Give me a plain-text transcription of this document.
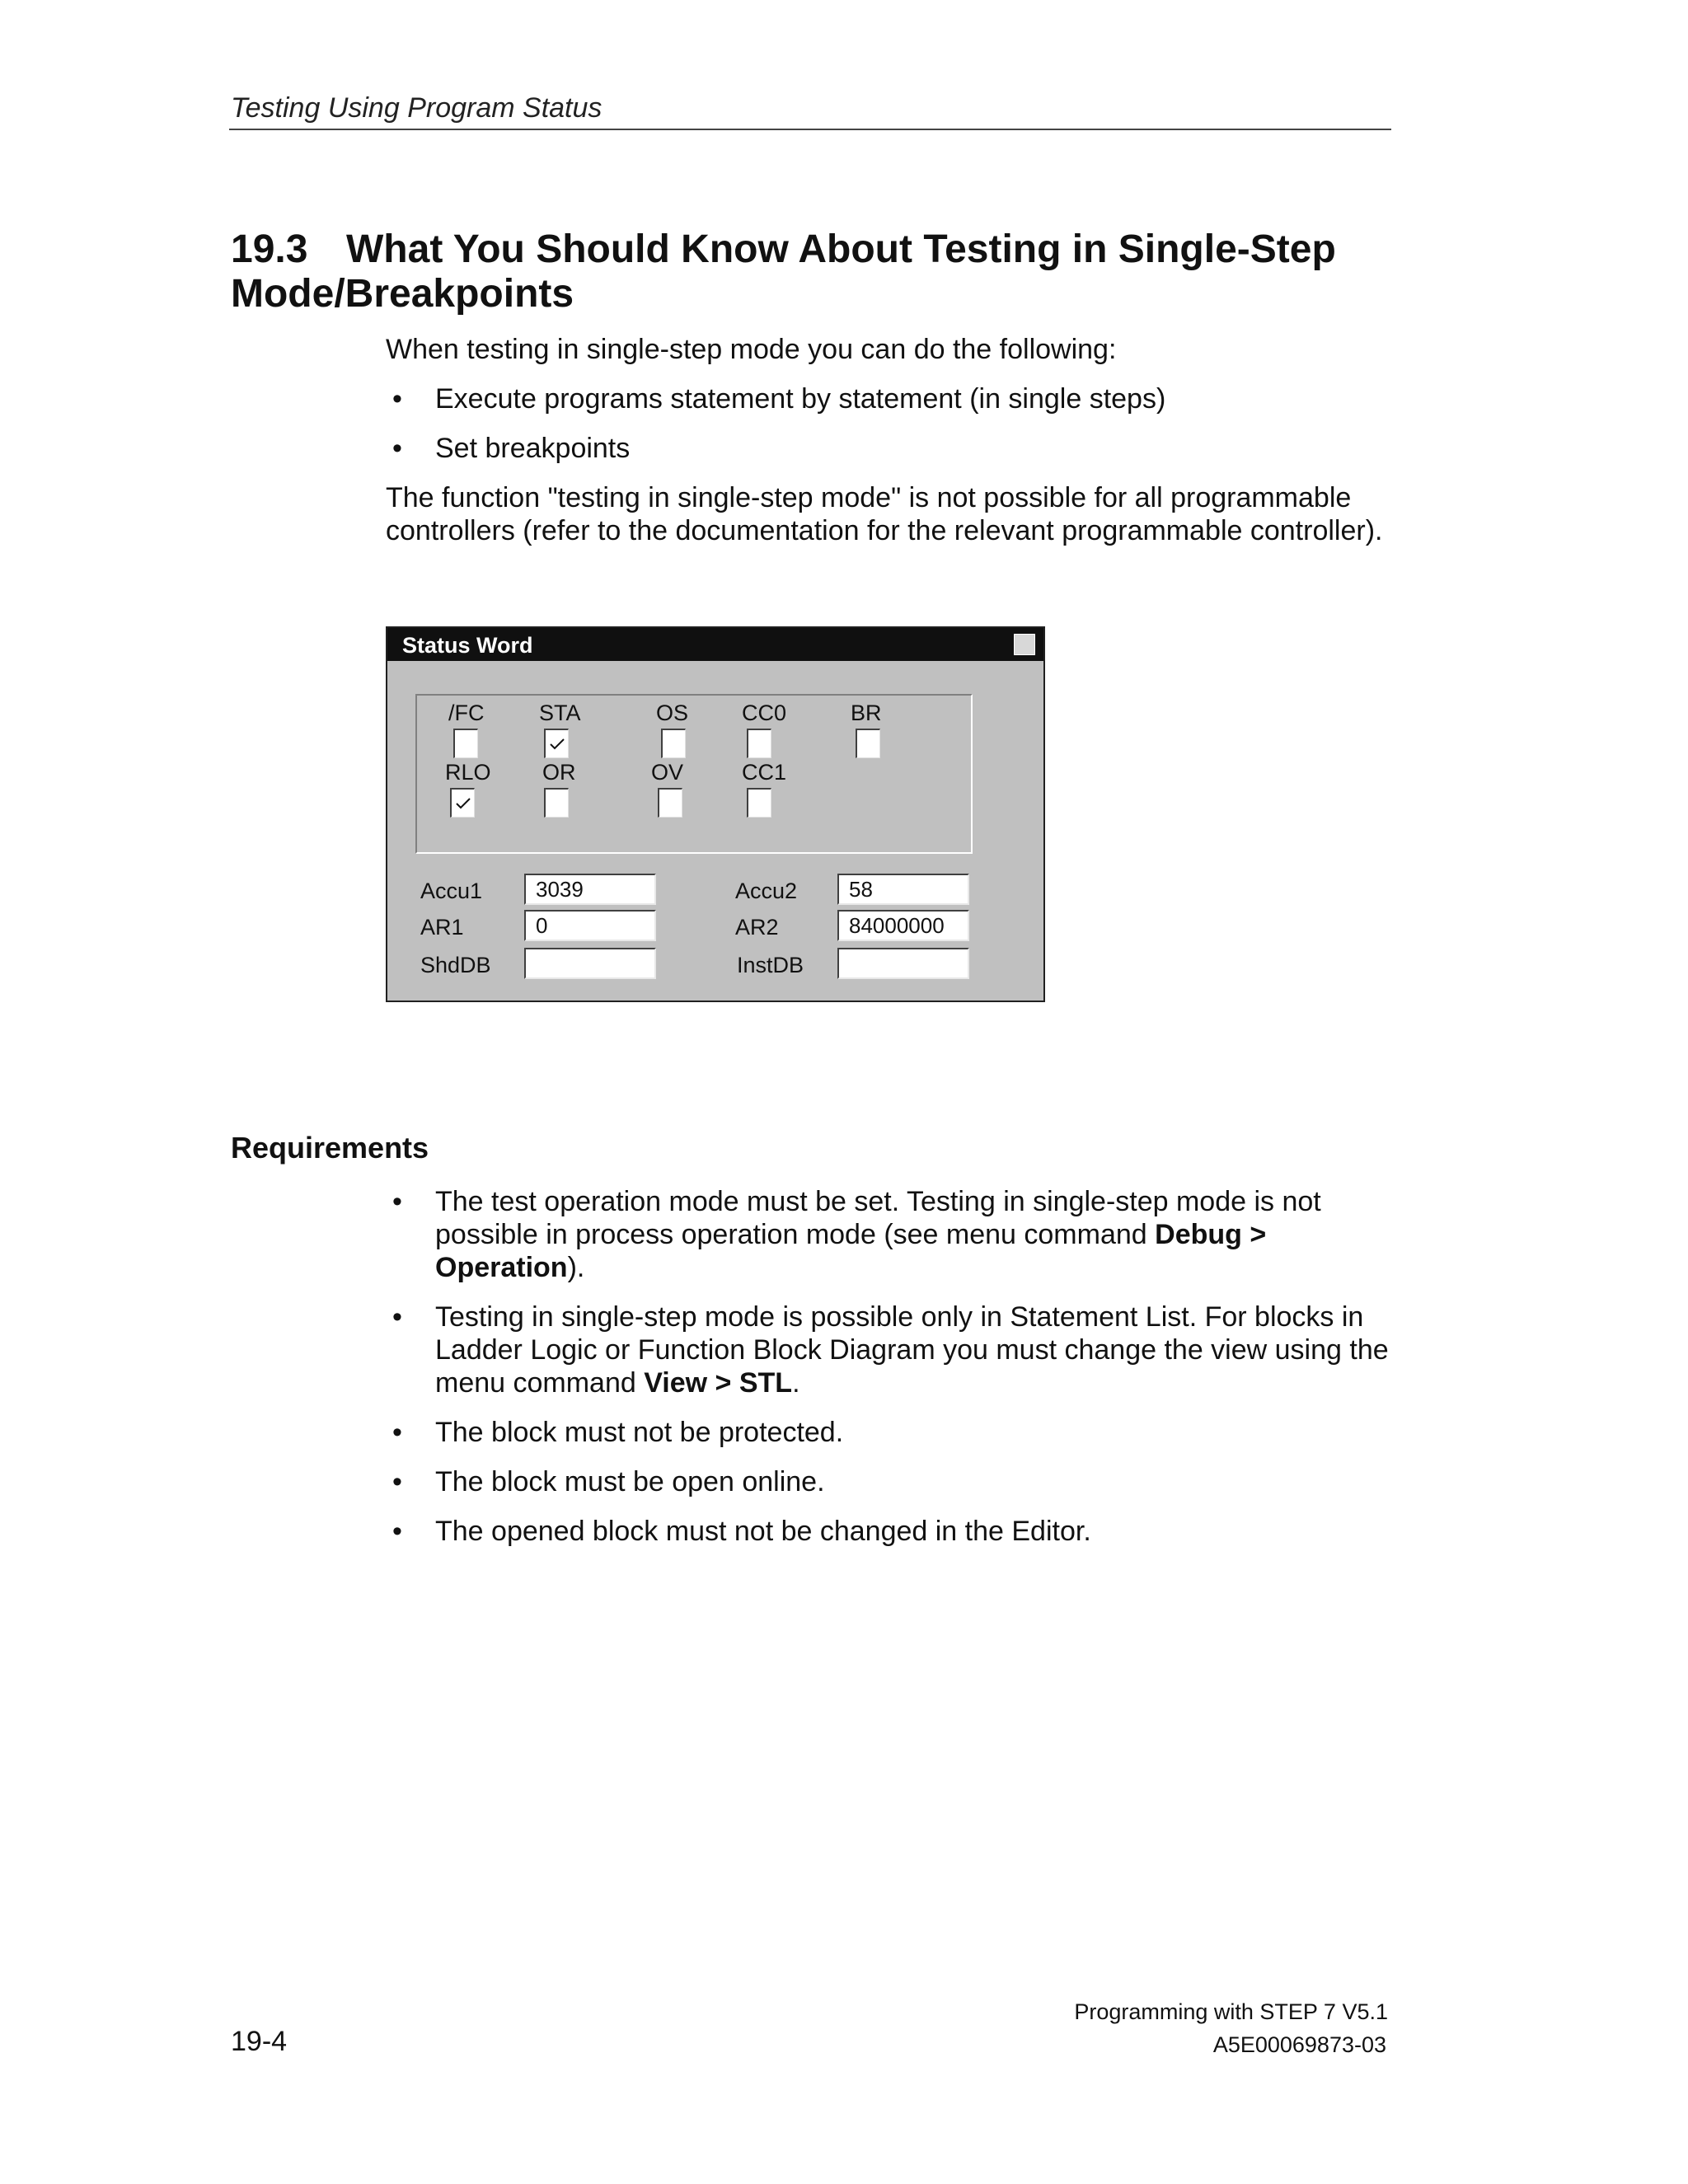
Testing Using Program Status
19.3 What You Should Know About Testing in Single-Step Mode/Breakpoints
When testing in single-step mode you can do the following:
• Execute programs statement by statement (in single steps)
• Set breakpoints
The function "testing in single-step mode" is not possible for all programmable controllers (refer to the documentation for the relevant programmable controller).
Status Word
/FC STA	OS CC0	BR
RLO OR	OV	CC1
Accu1	3039	Accu2	58
AR1	0	AR2	84000000
ShdDB	InstDB
Requirements
• The test operation mode must be set. Testing in single-step mode is not possible in process operation mode (see menu command Debug > Operation).
• Testing in single-step mode is possible only in Statement List. For blocks in Ladder Logic or Function Block Diagram you must change the view using the menu command View > STL.
• The block must not be protected.
• The block must be open online.
• The opened block must not be changed in the Editor.
19-4
Programming with STEP 7 V5.1
A5E00069873-03
